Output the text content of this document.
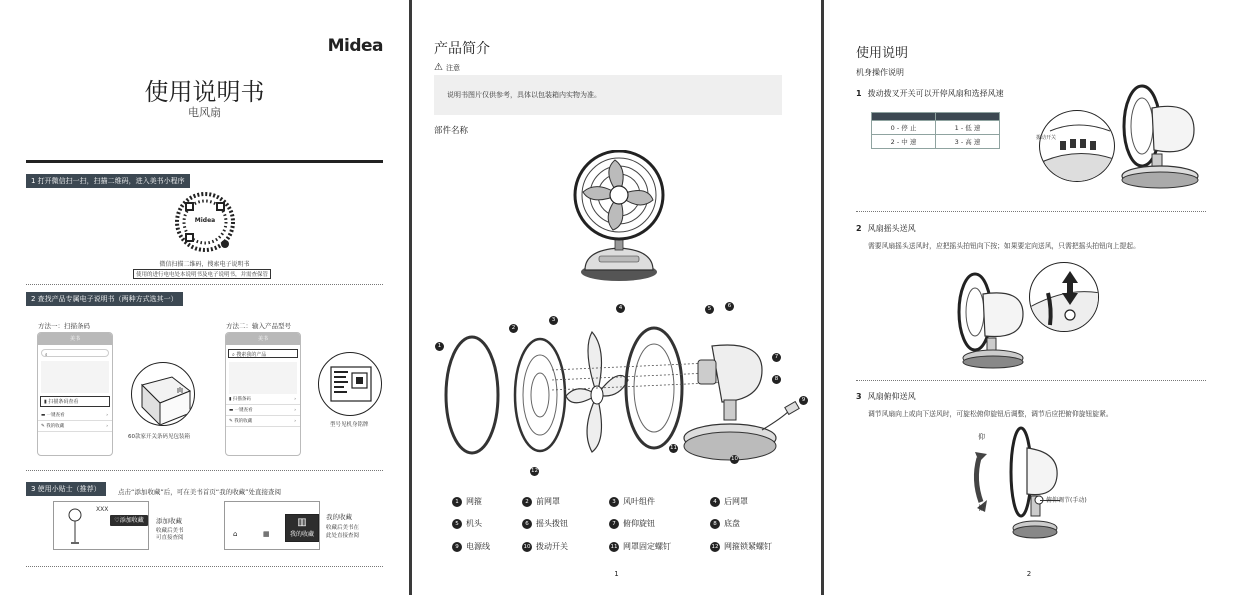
Midea
使用说明书
电风扇
1 打开微信扫一扫，扫描二维码，进入美书小程序
Midea
微信扫描二维码，搜索电子说明书
使用的进行电电处本说明书及电子说明书，并需查保管
2 查找产品专属电子说明书（两种方式选其一）
方法一：扫描条码	方法二：输入产品型号
美书
⌕
▮ 扫描条码查看
▬ 一键查看	›
✎ 我的收藏	›
60款家开关条码见包装箱
美书
⌕ 搜索我的产品
▮ 扫描条码	›
▬ 一键查看	›
✎ 我的收藏	›
型号见机身铭牌
3 使用小贴士（推荐）	点击“添加收藏”后，可在美书首页“我的收藏”处直接查阅
XXX
♡添加收藏	添加收藏
收藏后美书
可直接查阅	⌂	▦
▥
我的收藏
我的收藏
收藏后美书在
此处直接查阅
产品简介
⚠ 注意
说明书图片仅供参考，具体以包装箱内实物为准。
部件名称
1
2
3
4	5	6
7
8
9
10
11
12
1 网箍	2 前网罩	3 风叶组件	4 后网罩
5 机头	6 摇头拨钮	7 俯仰旋钮	8 底盘
9 电源线	10 拨动开关	11 网罩固定螺钉	12 网箍锁紧螺钉
1
使用说明
机身操作说明
1 拨动拨叉开关可以开停风扇和选择风速

0 - 停 止	1 - 低 速
2 - 中 速	3 - 高 速	拨动开关
2 风扇摇头送风
需要风扇摇头送风时，应把摇头拍钮向下按；如果要定向送风，只需把摇头拍钮向上提起。
3 风扇俯仰送风
调节风扇向上或向下送风时，可旋松俯仰旋钮后调整，调节后应把俯仰旋钮旋紧。
仰
俯
俯仰调节(手动)
2
